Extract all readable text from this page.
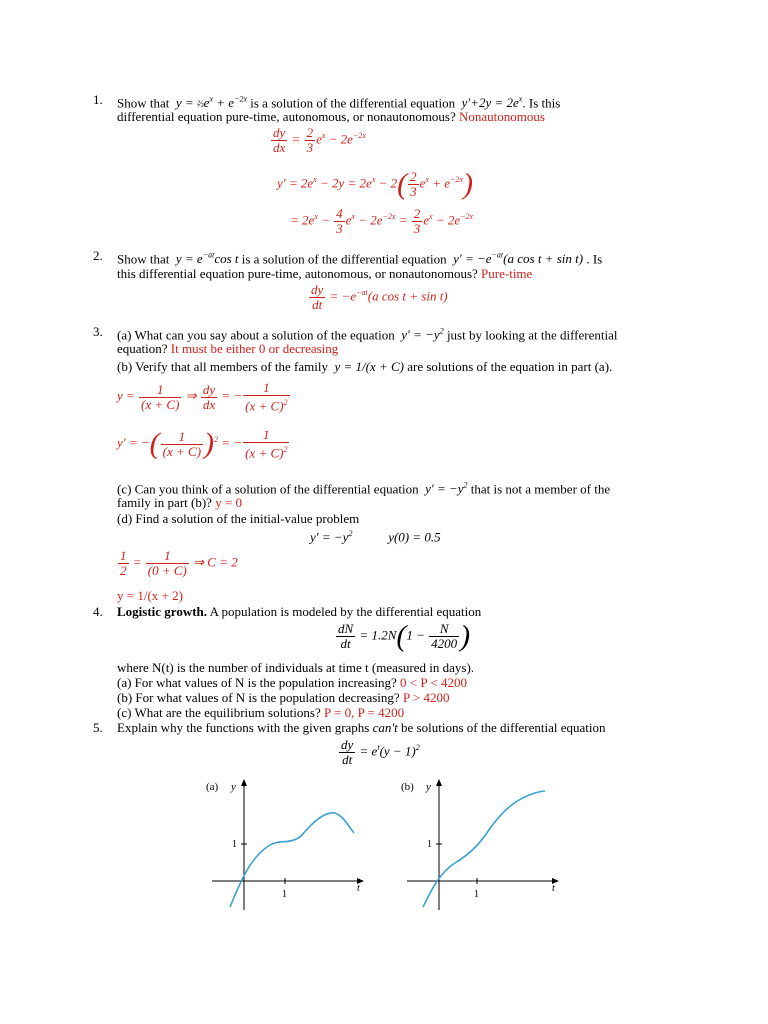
1. Show that  $y = \frac{2}{3}e^x + e^{-2x}$ is a solution of the differential equation  $y'+2y = 2e^x$. Is this
differential equation pure-time, autonomous, or nonautonomous? Nonautonomous
$\frac{dy}{dx} = \frac{2}{3} e^x - 2e^{-2x}$
$y' = 2e^x - 2y = 2e^x - 2( \frac{2}{3} e^x + e^{-2x})$
= $2e^x - \frac{4}{3} e^x - 2e^{-2x} = \frac{2}{3} e^x - 2e^{-2x}$
2. Show that  $y = e^{-at}\cos$ t is a solution of the differential equation  $y' = -e^{-at}(a$ cos t + sin t) . Is
this differential equation pure-time, autonomous, or nonautonomous? Pure-time
$\frac{dy}{dt} = -e^{-at}(a$ cos t + sin t)
3. (a) What can you say about a solution of the equation  $y' = -y^2$ just by looking at the differential
equation? It must be either 0 or decreasing
(b) Verify that all members of the family  y = 1/(x + C) are solutions of the equation in part (a).
$y = \frac{1}{(x + C)}$ ⇒ $\frac{dy}{dx}$ = − $\frac{1}{(x + C)^2}$
y′ = −( $\frac{1}{(x + C)} )^2$ = − $\frac{1}{(x + C)^2}$
(c) Can you think of a solution of the differential equation  $y' = -y^2$ that is not a member of the
family in part (b)? y = 0
(d) Find a solution of the initial-value problem
$y' = -y^2$           y(0) = 0.5
$\frac{1}{2} = \frac{1}{(0 + C)}$ ⇒ C = 2
y = 1/(x + 2)
4. Logistic growth. A population is modeled by the differential equation
$\frac{dN}{dt} = 1.2N(1 - \frac{N}{4200}$ )
where N(t) is the number of individuals at time t (measured in days).
(a) For what values of N is the population increasing? 0 < P < 4200
(b) For what values of N is the population decreasing? P > 4200
(c) What are the equilibrium solutions? P = 0, P = 4200
5. Explain why the functions with the given graphs can't be solutions of the differential equation
$\frac{dy}{dt} = e^t(y - 1)^2$
(a) y
t
1
1
(b) y
t
1
1
